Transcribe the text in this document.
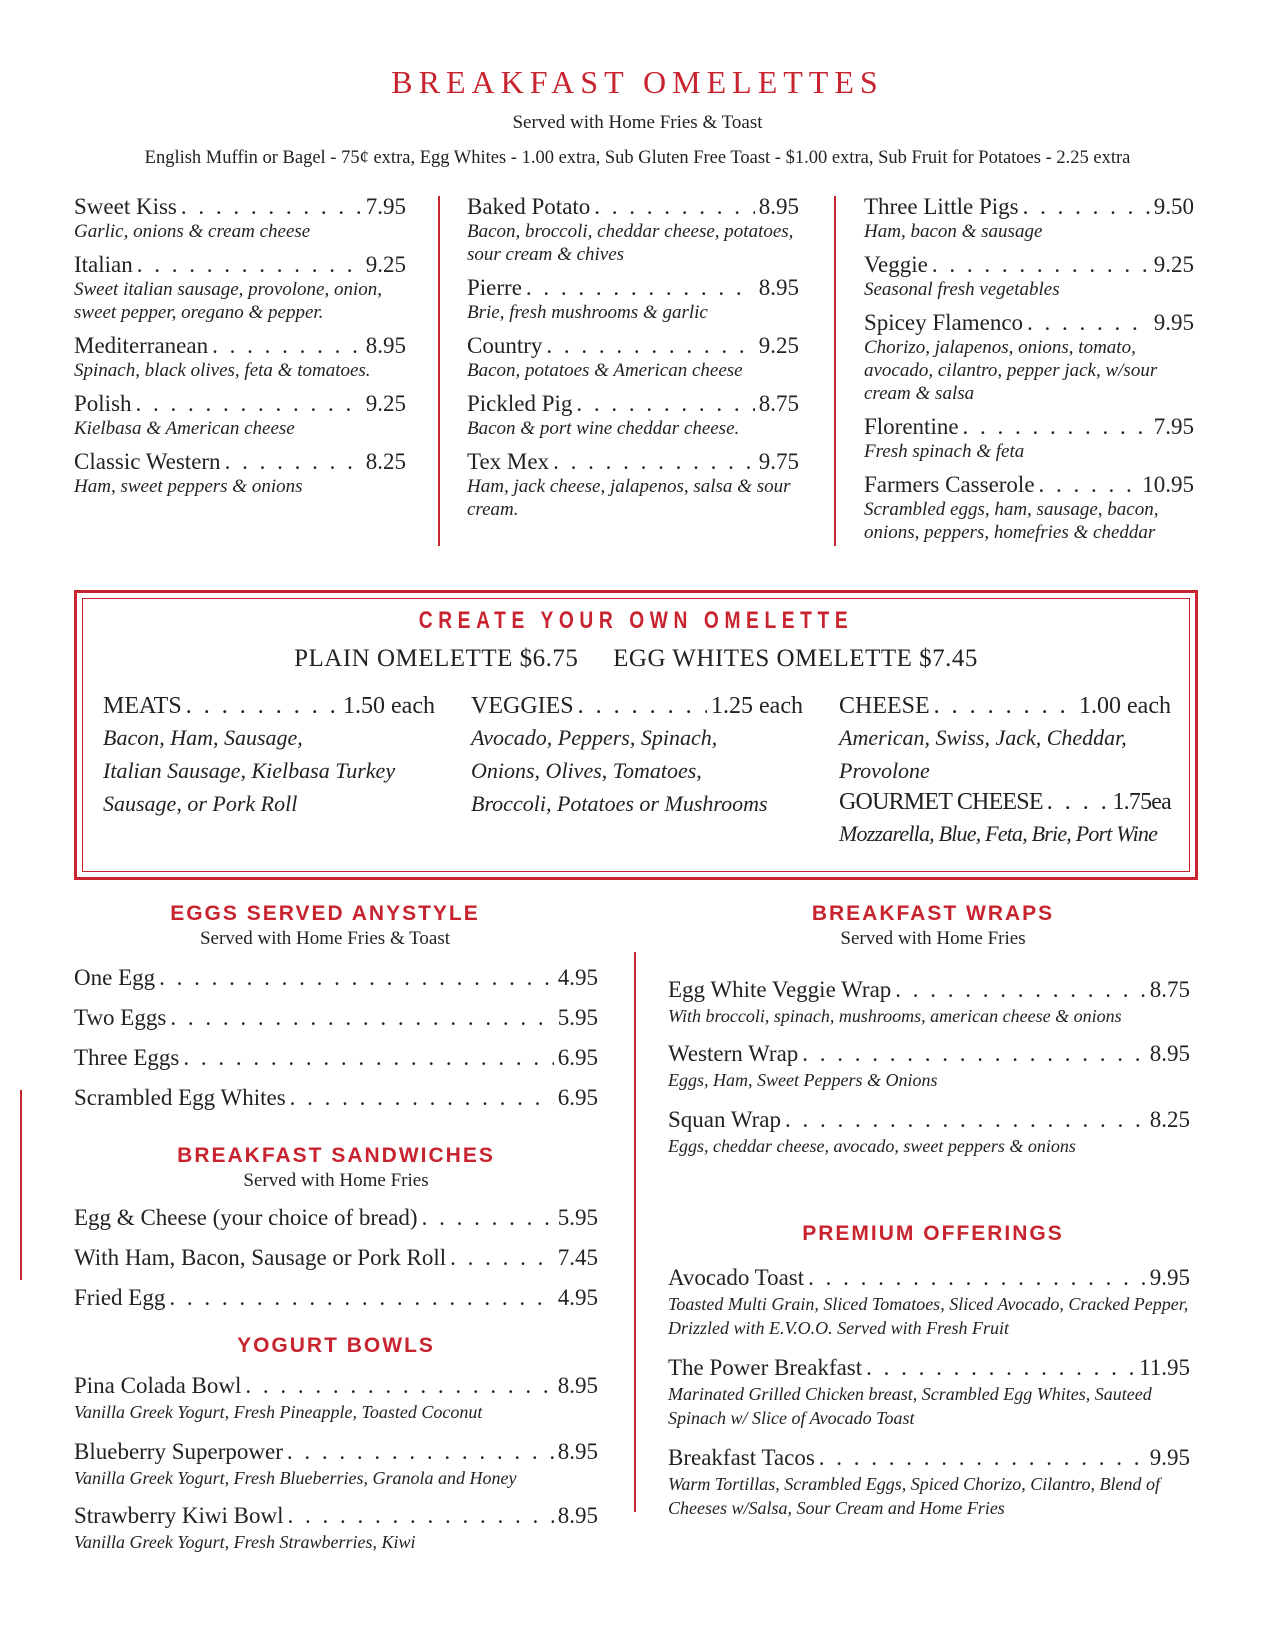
BREAKFAST OMELETTES
Served with Home Fries & Toast
English Muffin or Bagel - 75¢ extra, Egg Whites - 1.00 extra, Sub Gluten Free Toast - $1.00 extra, Sub Fruit for Potatoes - 2.25 extra
Sweet Kiss . . .	7.95
Garlic, onions & cream cheese
Italian . . .	9.25
Sweet italian sausage, provolone, onion, sweet pepper, oregano & pepper.
Mediterranean . . .	8.95
Spinach, black olives, feta & tomatoes.
Polish . . .	9.25
Kielbasa & American cheese
Classic Western . . .	8.25
Ham, sweet peppers & onions
Baked Potato . . .	8.95
Bacon, broccoli, cheddar cheese, potatoes, sour cream & chives
Pierre . . .	8.95
Brie, fresh mushrooms & garlic
Country . . .	9.25
Bacon, potatoes & American cheese
Pickled Pig . . .	8.75
Bacon & port wine cheddar cheese.
Tex Mex . . .	9.75
Ham, jack cheese, jalapenos, salsa & sour cream.
Three Little Pigs . . .	9.50
Ham, bacon & sausage
Veggie . . .	9.25
Seasonal fresh vegetables
Spicey Flamenco . . .	9.95
Chorizo, jalapenos, onions, tomato, avocado, cilantro, pepper jack, w/sour cream & salsa
Florentine . . .	7.95
Fresh spinach & feta
Farmers Casserole . . .	10.95
Scrambled eggs, ham, sausage, bacon, onions, peppers, homefries & cheddar
CREATE YOUR OWN OMELETTE
PLAIN OMELETTE $6.75 EGG WHITES OMELETTE $7.45
MEATS . . .	1.50 each
Bacon, Ham, Sausage,
Italian Sausage, Kielbasa Turkey
Sausage, or Pork Roll
VEGGIES . . .	1.25 each
Avocado, Peppers, Spinach,
Onions, Olives, Tomatoes,
Broccoli, Potatoes or Mushrooms
CHEESE . . .	1.00 each
American, Swiss, Jack, Cheddar,
Provolone
GOURMET CHEESE . . .	1.75ea
Mozzarella, Blue, Feta, Brie, Port Wine
EGGS SERVED ANYSTYLE
Served with Home Fries & Toast
One Egg . . .	4.95
Two Eggs . . .	5.95
Three Eggs . . .	6.95
Scrambled Egg Whites . . .	6.95
BREAKFAST SANDWICHES
Served with Home Fries
Egg & Cheese (your choice of bread) . . .	5.95
With Ham, Bacon, Sausage or Pork Roll . . .	7.45
Fried Egg . . .	4.95
YOGURT BOWLS
Pina Colada Bowl . . .	8.95
Vanilla Greek Yogurt, Fresh Pineapple, Toasted Coconut
Blueberry Superpower . . .	8.95
Vanilla Greek Yogurt, Fresh Blueberries, Granola and Honey
Strawberry Kiwi Bowl . . .	8.95
Vanilla Greek Yogurt, Fresh Strawberries, Kiwi
BREAKFAST WRAPS
Served with Home Fries
Egg White Veggie Wrap . . .	8.75
With broccoli, spinach, mushrooms, american cheese & onions
Western Wrap . . .	8.95
Eggs, Ham, Sweet Peppers & Onions
Squan Wrap . . .	8.25
Eggs, cheddar cheese, avocado, sweet peppers & onions
PREMIUM OFFERINGS
Avocado Toast . . .	9.95
Toasted Multi Grain, Sliced Tomatoes, Sliced Avocado, Cracked Pepper, Drizzled with E.V.O.O. Served with Fresh Fruit
The Power Breakfast . . .	11.95
Marinated Grilled Chicken breast, Scrambled Egg Whites, Sauteed Spinach w/ Slice of Avocado Toast
Breakfast Tacos . . .	9.95
Warm Tortillas, Scrambled Eggs, Spiced Chorizo, Cilantro, Blend of Cheeses w/Salsa, Sour Cream and Home Fries
